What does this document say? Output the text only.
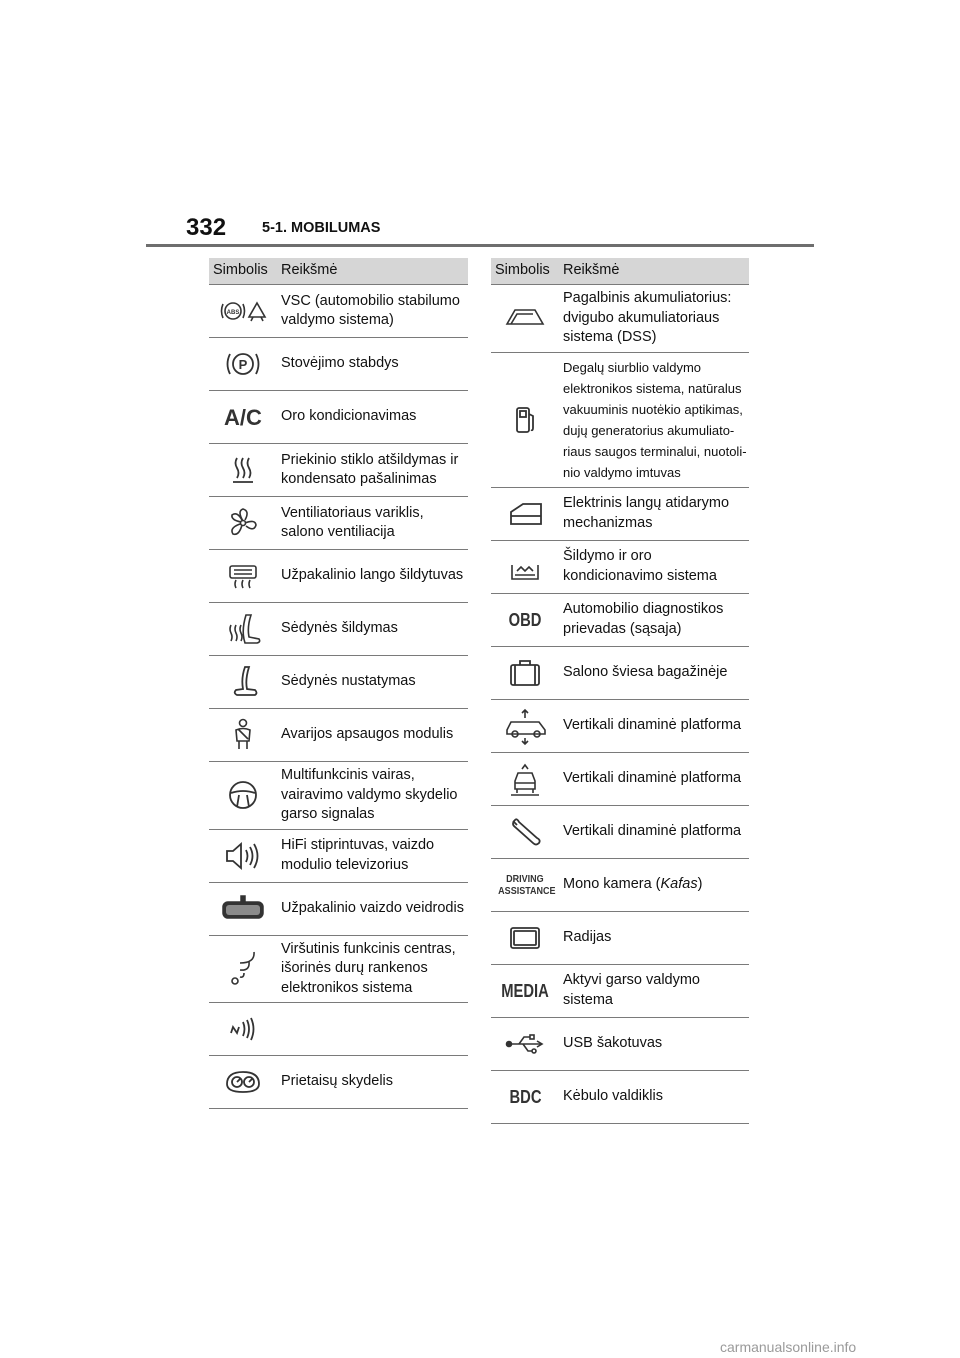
332 5-1. MOBILUMAS
Simbolis	Reikšmė

ABS	VSC (automobilio stabilumo valdymo sistema)

P	Stovėjimo stabdys

A/C	Oro kondicionavimas

	Priekinio stiklo atšildymas ir kondensato pašalinimas

	Ventiliatoriaus variklis, salono ventiliacija

	Užpakalinio lango šildytuvas

	Sėdynės šildymas

	Sėdynės nustatymas

	Avarijos apsaugos modulis

	Multifunkcinis vairas, vairavimo valdymo skydelio garso signalas

	HiFi stiprintuvas, vaizdo modulio televizorius

	Užpakalinio vaizdo veidrodis

	Viršutinis funkcinis centras, išorinės durų rankenos elektronikos sistema

	Prietaisų skydelis
Simbolis	Reikšmė

	Pagalbinis akumuliatorius: dvigubo akumuliatoriaus sistema (DSS)

	Degalų siurblio valdymo elektronikos sistema, natūralus vakuuminis nuotėkio aptikimas, dujų generatorius akumuliato-riaus saugos terminalui, nuotoli-nio valdymo imtuvas

	Elektrinis langų atidarymo mechanizmas

	Šildymo ir oro kondicionavimo sistema
OBD	Automobilio diagnostikos prievadas (sąsaja)

	Salono šviesa bagažinėje

	Vertikali dinaminė platforma

	Vertikali dinaminė platforma

	Vertikali dinaminė platforma
DRIVING
ASSISTANCE	Mono kamera (Kafas)

	Radijas
MEDIA	Aktyvi garso valdymo sistema

	USB šakotuvas
BDC	Kėbulo valdiklis
carmanualsonline.info
